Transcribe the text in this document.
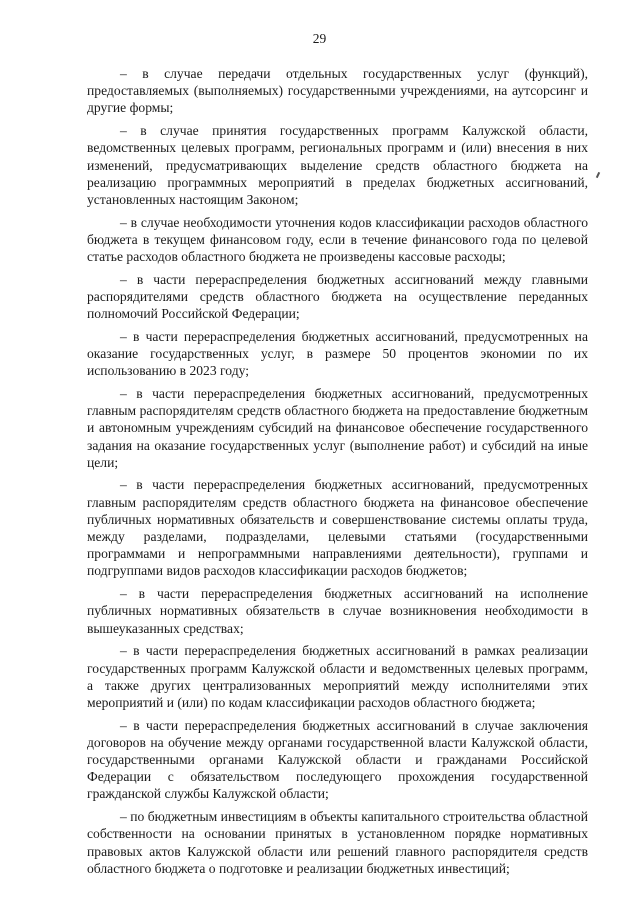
29

– в случае передачи отдельных государственных услуг (функций), предоставляемых (выполняемых) государственными учреждениями, на аутсорсинг и другие формы;

– в случае принятия государственных программ Калужской области, ведомственных целевых программ, региональных программ и (или) внесения в них изменений, предусматривающих выделение средств областного бюджета на реализацию программных мероприятий в пределах бюджетных ассигнований, установленных настоящим Законом;

– в случае необходимости уточнения кодов классификации расходов областного бюджета в текущем финансовом году, если в течение финансового года по целевой статье расходов областного бюджета не произведены кассовые расходы;

– в части перераспределения бюджетных ассигнований между главными распорядителями средств областного бюджета на осуществление переданных полномочий Российской Федерации;

– в части перераспределения бюджетных ассигнований, предусмотренных на оказание государственных услуг, в размере 50 процентов экономии по их использованию в 2023 году;

– в части перераспределения бюджетных ассигнований, предусмотренных главным распорядителям средств областного бюджета на предоставление бюджетным и автономным учреждениям субсидий на финансовое обеспечение государственного задания на оказание государственных услуг (выполнение работ) и субсидий на иные цели;

– в части перераспределения бюджетных ассигнований, предусмотренных главным распорядителям средств областного бюджета на финансовое обеспечение публичных нормативных обязательств и совершенствование системы оплаты труда, между разделами, подразделами, целевыми статьями (государственными программами и непрограммными направлениями деятельности), группами и подгруппами видов расходов классификации расходов бюджетов;

– в части перераспределения бюджетных ассигнований на исполнение публичных нормативных обязательств в случае возникновения необходимости в вышеуказанных средствах;

– в части перераспределения бюджетных ассигнований в рамках реализации государственных программ Калужской области и ведомственных целевых программ, а также других централизованных мероприятий между исполнителями этих мероприятий и (или) по кодам классификации расходов областного бюджета;

– в части перераспределения бюджетных ассигнований в случае заключения договоров на обучение между органами государственной власти Калужской области, государственными органами Калужской области и гражданами Российской Федерации с обязательством последующего прохождения государственной гражданской службы Калужской области;

– по бюджетным инвестициям в объекты капитального строительства областной собственности на основании принятых в установленном порядке нормативных правовых актов Калужской области или решений главного распорядителя средств областного бюджета о подготовке и реализации бюджетных инвестиций;
